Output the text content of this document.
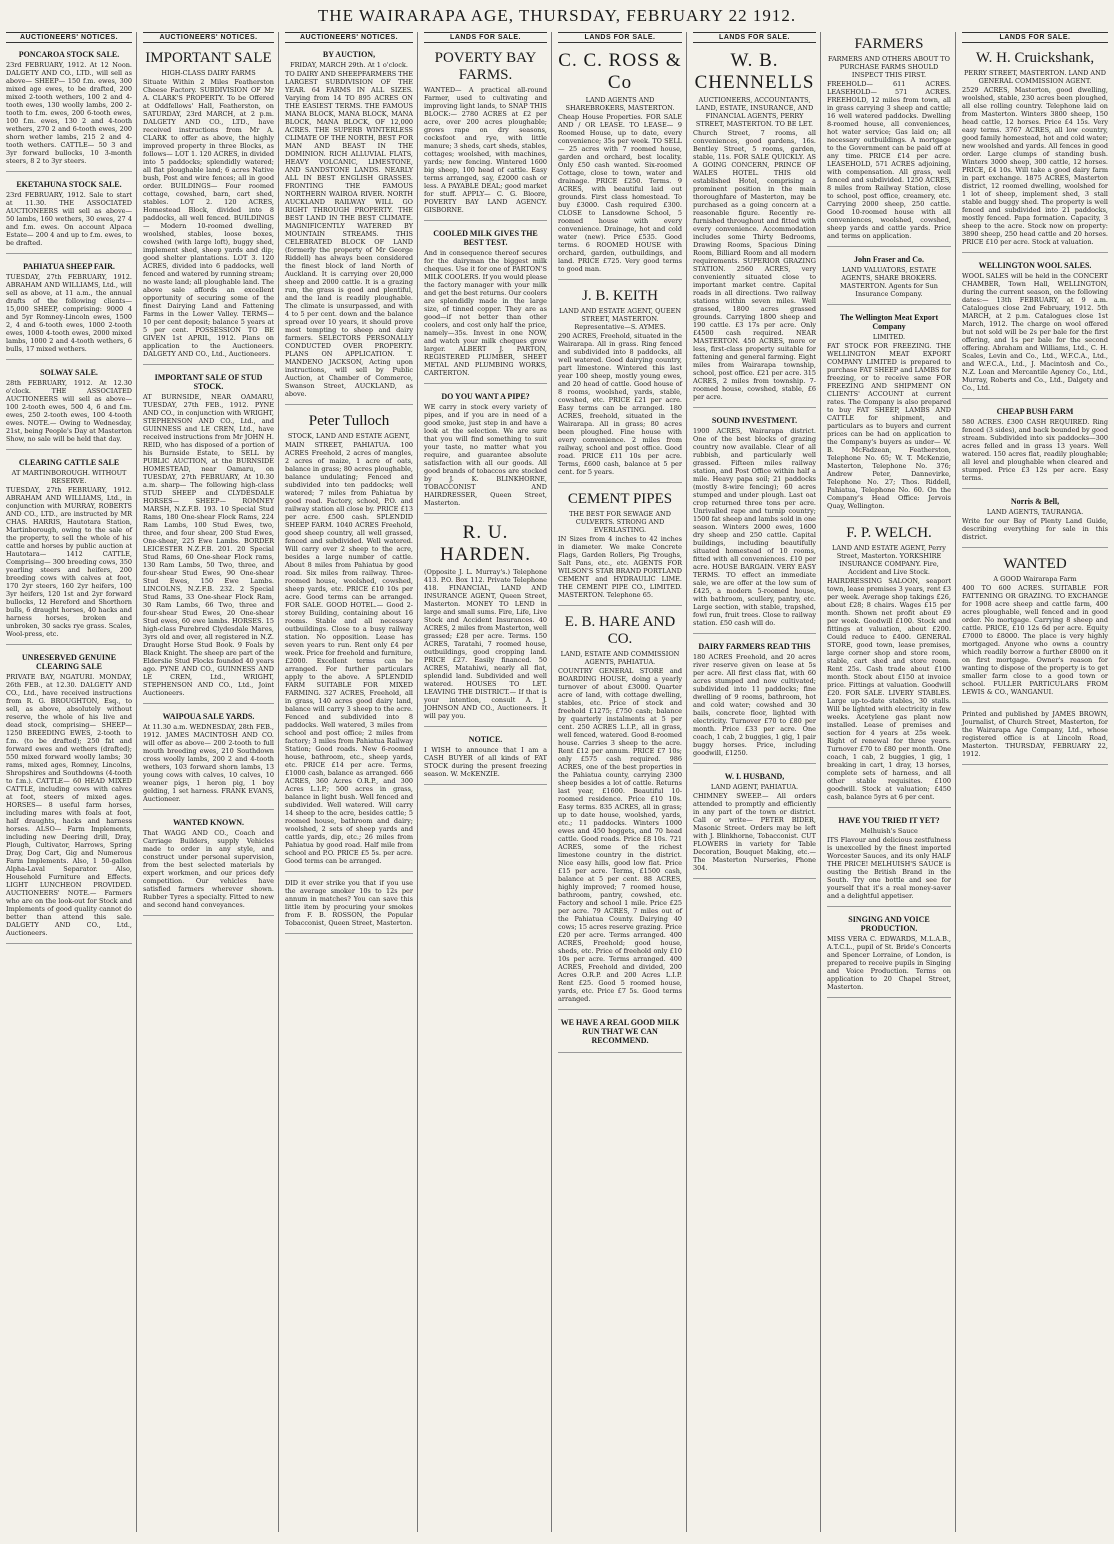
THE WAIRARAPA AGE, THURSDAY, FEBRUARY 22 1912.
AUCTIONEERS' NOTICES.
PONCAROA STOCK SALE.
23rd FEBRUARY, 1912. At 12 Noon. DALGETY AND CO., LTD., will sell as above— SHEEP— 150 f.m. ewes, 300 mixed age ewes, to be drafted, 200 mixed 2-tooth wethers, 100 2 and 4-tooth ewes, 130 woolly lambs, 200 2-tooth to f.m. ewes, 200 6-tooth ewes, 100 f.m. ewes, 130 2 and 4-tooth wethers, 270 2 and 6-tooth ewes, 200 shorn wether lambs, 215 2 and 4-tooth wethers. CATTLE— 50 3 and 3yr forward bullocks, 10 3-month steers, 8 2 to 3yr steers.
EKETAHUNA STOCK SALE.
23rd FEBRUARY, 1912. Sale to start at 11.30. THE ASSOCIATED AUCTIONEERS will sell as above— 50 lambs, 160 wethers, 30 ewes, 27 4 and f.m. ewes. On account Alpaca Estate— 200 4 and up to f.m. ewes, to be drafted.
PAHIATUA SHEEP FAIR.
TUESDAY, 27th FEBRUARY, 1912. ABRAHAM AND WILLIAMS, Ltd., will sell as above, at 11 a.m., the annual drafts of the following clients— 15,000 SHEEP, comprising: 9000 4 and 5yr Romney-Lincoln ewes, 1500 2, 4 and 6-tooth ewes, 1000 2-tooth ewes, 1000 4-tooth ewes, 2000 mixed lambs, 1000 2 and 4-tooth wethers, 6 bulls, 17 mixed wethers.
SOLWAY SALE.
28th FEBRUARY, 1912. At 12.30 o'clock. THE ASSOCIATED AUCTIONEERS will sell as above— 100 2-tooth ewes, 500 4, 6 and f.m. ewes, 250 2-tooth ewes, 100 4-tooth ewes. NOTE.— Owing to Wednesday, 21st, being People's Day at Masterton Show, no sale will be held that day.
CLEARING CATTLE SALE
AT MARTINBOROUGH. WITHOUT RESERVE.
TUESDAY, 27th FEBRUARY, 1912. ABRAHAM AND WILLIAMS, Ltd., in conjunction with MURRAY, ROBERTS AND CO., LTD., are instructed by MR CHAS. HARRIS, Hautotara Station, Martinborough, owing to the sale of the property, to sell the whole of his cattle and horses by public auction at Hautotara— 1412 CATTLE, Comprising— 300 breeding cows, 350 yearling steers and heifers, 200 breeding cows with calves at foot, 170 2yr steers, 160 2yr heifers, 100 3yr heifers, 120 1st and 2yr forward bullocks, 12 Hereford and Shorthorn bulls, 6 draught horses, 40 hacks and harness horses, broken and unbroken, 30 sacks rye grass. Scales, Wool-press, etc.
UNRESERVED GENUINE CLEARING SALE
PRIVATE BAY, NGATURI. MONDAY, 26th FEB., at 12.30. DALGETY AND CO., Ltd., have received instructions from R. G. BROUGHTON, Esq., to sell, as above, absolutely without reserve, the whole of his live and dead stock, comprising— SHEEP— 1250 BREEDING EWES, 2-tooth to f.m. (to be drafted); 250 fat and forward ewes and wethers (drafted); 550 mixed forward woolly lambs; 30 rams, mixed ages, Romney, Lincolns, Shropshires and Southdowns (4-tooth to f.m.). CATTLE— 60 HEAD MIXED CATTLE, including cows with calves at foot, steers of mixed ages. HORSES— 8 useful farm horses, including mares with foals at foot, half draughts, hacks and harness horses. ALSO— Farm Implements, including new Deering drill, Dray, Plough, Cultivator, Harrows, Spring Dray, Dog Cart, Gig and Numerous Farm Implements. Also, 1 50-gallon Alpha-Laval Separator. Also, Household Furniture and Effects. LIGHT LUNCHEON PROVIDED. AUCTIONEERS' NOTE.— Farmers who are on the look-out for Stock and Implements of good quality cannot do better than attend this sale. DALGETY AND CO., Ltd., Auctioneers.
AUCTIONEERS' NOTICES.
IMPORTANT SALE
HIGH-CLASS DAIRY FARMS
Situate Within 2 Miles Featherston Cheese Factory. SUBDIVISION OF Mr A. CLARK'S PROPERTY. To be Offered at Oddfellows' Hall, Featherston, on SATURDAY, 23rd MARCH, at 2 p.m. DALGETY AND CO., LTD., have received instructions from Mr A. CLARK to offer as above, the highly improved property in three Blocks, as follows— LOT 1. 120 ACRES, in divided into 5 paddocks; splendidly watered; all flat ploughable land; 6 acres Native bush, Post and wire fences; all in good order. BUILDINGS— Four roomed cottage, cowshed, barn, cart shed, stables. LOT 2. 120 ACRES, Homestead Block, divided into 8 paddocks, all well fenced. BUILDINGS— Modern 10-roomed dwelling, woolshed, stables, loose boxes, cowshed (with large loft), buggy shed, implement shed, sheep yards and dip; good shelter plantations. LOT 3. 120 ACRES, divided into 6 paddocks, well fenced and watered by running stream; no waste land; all ploughable land. The above sale affords an excellent opportunity of securing some of the finest Dairying Land and Fattening Farms in the Lower Valley. TERMS— 10 per cent deposit; balance 5 years at 5 per cent. POSSESSION TO BE GIVEN 1st APRIL, 1912. Plans on application to the Auctioneers. DALGETY AND CO., Ltd., Auctioneers.
IMPORTANT SALE OF STUD STOCK.
AT BURNSIDE, NEAR OAMARU, TUESDAY, 27th FEB., 1912. PYNE AND CO., in conjunction with WRIGHT, STEPHENSON AND CO., Ltd., and GUINNESS and LE CREN, Ltd., have received instructions from Mr JOHN H. REID, who has disposed of a portion of his Burnside Estate, to SELL by PUBLIC AUCTION, at the BURNSIDE HOMESTEAD, near Oamaru, on TUESDAY, 27th FEBRUARY, At 10.30 a.m. sharp— The following high-class STUD SHEEP and CLYDESDALE HORSES— SHEEP— ROMNEY MARSH, N.Z.F.B. 193. 10 Special Stud Rams, 180 One-shear Flock Rams, 224 Ram Lambs, 100 Stud Ewes, two, three, and four shear, 200 Stud Ewes, One-shear, 225 Ewe Lambs. BORDER LEICESTER N.Z.F.B. 201. 20 Special Stud Rams, 60 One-shear Flock rams, 130 Ram Lambs, 50 Two, three, and four-shear Stud Ewes, 90 One-shear Stud Ewes, 150 Ewe Lambs. LINCOLNS, N.Z.F.B. 232. 2 Special Stud Rams, 33 One-shear Flock Ram, 30 Ram Lambs, 66 Two, three and four-shear Stud Ewes, 20 One-shear Stud ewes, 60 ewe lambs. HORSES. 15 high-class Purebred Clydesdale Mares, 3yrs old and over, all registered in N.Z. Draught Horse Stud Book. 9 Foals by Black Knight. The sheep are part of the Elderslie Stud Flocks founded 40 years ago. PYNE AND CO., GUINNESS AND LE CREN, Ltd., WRIGHT, STEPHENSON AND CO., Ltd., Joint Auctioneers.
WAIPOUA SALE YARDS.
At 11.30 a.m. WEDNESDAY, 28th FEB., 1912. JAMES MACINTOSH AND CO. will offer as above— 200 2-tooth to full mouth breeding ewes, 210 Southdown cross woolly lambs, 200 2 and 4-tooth wethers, 103 forward shorn lambs, 13 young cows with calves, 10 calves, 10 weaner pigs, 1 heron pig, 1 boy gelding, 1 set harness. FRANK EVANS, Auctioneer.
WANTED KNOWN.
That WAGG AND CO., Coach and Carriage Builders, supply Vehicles made to order in any style, and construct under personal supervision, from the best selected materials by expert workmen, and our prices defy competition. Our vehicles have satisfied farmers wherever shown. Rubber Tyres a specialty. Fitted to new and second hand conveyances.
AUCTIONEERS' NOTICES.
BY AUCTION,
FRIDAY, MARCH 29th. At 1 o'clock.
TO DAIRY AND SHEEPFARMERS THE LARGEST SUBDIVISION OF THE YEAR. 64 FARMS IN ALL SIZES. Varying from 14 TO 895 ACRES ON THE EASIEST TERMS. THE FAMOUS MANA BLOCK, MANA BLOCK, MANA BLOCK, MANA BLOCK, OF 12,000 ACRES. THE SUPERB WINTERLESS CLIMATE OF THE NORTH, BEST FOR MAN AND BEAST IN THE DOMINION. RICH ALLUVIAL FLATS, HEAVY VOLCANIC, LIMESTONE, AND SANDSTONE LANDS. NEARLY ALL IN BEST ENGLISH GRASSES. FRONTING THE FAMOUS NORTHERN WAIROA RIVER. NORTH AUCKLAND RAILWAY WILL GO RIGHT THROUGH PROPERTY. THE BEST LAND IN THE BEST CLIMATE. MAGNIFICENTLY WATERED BY MOUNTAIN STREAMS. THIS CELEBRATED BLOCK OF LAND (formerly the property of Mr George Riddell) has always been considered the finest block of land North of Auckland. It is carrying over 20,000 sheep and 2000 cattle. It is a grazing run, the grass is good and plentiful, and the land is readily ploughable. The climate is unsurpassed, and with 4 to 5 per cent. down and the balance spread over 10 years, it should prove most tempting to sheep and dairy farmers. SELECTORS PERSONALLY CONDUCTED OVER PROPERTY. PLANS ON APPLICATION. T. MANDENO JACKSON, Acting upon instructions, will sell by Public Auction, at Chamber of Commerce, Swanson Street, AUCKLAND, as above.
Peter Tulloch
STOCK, LAND AND ESTATE AGENT,
MAIN STREET, PAHIATUA. 100 ACRES Freehold, 2 acres of mangles, 2 acres of maize, 1 acre of oats, balance in grass; 80 acres ploughable, balance undulating; Fenced and subdivided into ten paddocks; well watered; 7 miles from Pahiatua by good road. Factory, school, P.O. and railway station all close by. PRICE £13 per acre. £500 cash. SPLENDID SHEEP FARM. 1040 ACRES Freehold, good sheep country, all well grassed, fenced and subdivided. Well watered. Will carry over 2 sheep to the acre, besides a large number of cattle. About 8 miles from Pahiatua by good road. Six miles from railway. Three-roomed house, woolshed, cowshed, sheep yards, etc. PRICE £10 10s per acre. Good terms can be arranged. FOR SALE. GOOD HOTEL.— Good 2-storey Building, containing about 16 rooms. Stable and all necessary outbuildings. Close to a busy railway station. No opposition. Lease has seven years to run. Rent only £4 per week. Price for freehold and furniture, £2000. Excellent terms can be arranged. For further particulars apply to the above. A SPLENDID FARM SUITABLE FOR MIXED FARMING. 327 ACRES, Freehold, all in grass, 140 acres good dairy land, balance will carry 3 sheep to the acre. Fenced and subdivided into 8 paddocks. Well watered, 3 miles from school and post office; 2 miles from factory; 3 miles from Pahiatua Railway Station; Good roads. New 6-roomed house, bathroom, etc., sheep yards, etc. PRICE £14 per acre. Terms, £1000 cash, balance as arranged. 666 ACRES, 360 Acres O.R.P., and 300 Acres L.I.P.; 500 acres in grass, balance in light bush. Well fenced and subdivided. Well watered. Will carry 14 sheep to the acre, besides cattle; 5 roomed house, bathroom and dairy; woolshed, 2 sets of sheep yards and cattle yards, dip, etc.; 26 miles from Pahiatua by good road. Half mile from school and P.O. PRICE £5 5s. per acre. Good terms can be arranged.
DID it ever strike you that if you use the average smoker 10s to 12s per annum in matches? You can save this little item by procuring your smokes from F. B. ROSSON, the Popular Tobacconist, Queen Street, Masterton.
LANDS FOR SALE.
POVERTY BAY FARMS.
WANTED— A practical all-round Farmer, used to cultivating and improving light lands, to SNAP THIS BLOCK:— 2780 ACRES at £2 per acre, over 200 acres ploughable; grows rape on dry seasons, cocksfoot and rye, with little manure; 3 sheds, cart sheds, stables, cottages; woolshed, with machines, yards; new fencing. Wintered 1600 big sheep, 100 head of cattle. Easy terms arranged, say, £2000 cash or less. A PAYABLE DEAL; good market for stuff. APPLY— C. G. Bloore, POVERTY BAY LAND AGENCY. GISBORNE.
COOLED MILK GIVES THE BEST TEST.
And in consequence thereof secures for the dairyman the biggest milk cheques. Use it for one of PARTON'S MILK COOLERS. If you would please the factory manager with your milk and get the best returns. Our coolers are splendidly made in the large size, of tinned copper. They are as good—if not better than other coolers, and cost only half the price, namely—35s. Invest in one NOW, and watch your milk cheques grow larger. ALBERT J. PARTON, REGISTERED PLUMBER, SHEET METAL AND PLUMBING WORKS, CARTERTON.
DO YOU WANT A PIPE?
WE carry in stock every variety of pipes, and if you are in need of a good smoke, just step in and have a look at the selection. We are sure that you will find something to suit your taste, no matter what you require, and guarantee absolute satisfaction with all our goods. All good brands of tobaccos are stocked by J. K. BLINKHORNE, TOBACCONIST AND HAIRDRESSER, Queen Street, Masterton.
R. U. HARDEN.
(Opposite J. L. Murray's.) Telephone 413. P.O. Box 112. Private Telephone 418. FINANCIAL, LAND AND INSURANCE AGENT, Queen Street, Masterton. MONEY TO LEND in large and small sums. Fire, Life, Live Stock and Accident Insurances. 40 ACRES, 2 miles from Masterton, well grassed; £28 per acre. Terms. 150 ACRES, Taratahi, 7 roomed house, outbuildings, good cropping land. PRICE £27. Easily financed. 50 ACRES, Matahiwi, nearly all flat, splendid land. Subdivided and well watered. HOUSES TO LET. LEAVING THE DISTRICT.— If that is your intention, consult A. J. JOHNSON AND CO., Auctioneers. It will pay you.
NOTICE.
I WISH to announce that I am a CASH BUYER of all kinds of FAT STOCK during the present freezing season. W. McKENZIE.
LANDS FOR SALE.
C. C. ROSS & Co
LAND AGENTS AND SHAREBROKERS, MASTERTON.
Cheap House Properties. FOR SALE AND / OR LEASE. TO LEASE— 9 Roomed House, up to date, every convenience; 35s per week. TO SELL— 25 acres with 7 roomed house, garden and orchard, best locality. Only £50 cash wanted. Six-roomed Cottage, close to town, water and drainage. PRICE £250. Terms. 9 ACRES, with beautiful laid out grounds. First class homestead. To buy £3000. Cash required £300. CLOSE to Lansdowne School, 5 roomed house with every convenience. Drainage, hot and cold water (new). Price £535. Good terms. 6 ROOMED HOUSE with orchard, garden, outbuildings, and land. PRICE £725. Very good terms to good man.
J. B. KEITH
LAND AND ESTATE AGENT, QUEEN STREET, MASTERTON. Representative—S. AYMES.
290 ACRES, Freehold, situated in the Wairarapa. All in grass. Ring fenced and subdivided into 8 paddocks, all well watered. Good dairying country, part limestone. Wintered this last year 100 sheep, mostly young ewes, and 20 head of cattle. Good house of 8 rooms, woolshed, yards, stable, cowshed, etc. PRICE £21 per acre. Easy terms can be arranged. 180 ACRES, freehold, situated in the Wairarapa. All in grass; 80 acres been ploughed. Fine house with every convenience. 2 miles from railway, school and post office. Good road. PRICE £11 10s per acre. Terms, £600 cash, balance at 5 per cent. for 5 years.
CEMENT PIPES
THE BEST FOR SEWAGE AND CULVERTS. STRONG AND EVERLASTING.
IN Sizes from 4 inches to 42 inches in diameter. We make Concrete Flags, Garden Rollers, Pig Troughs, Salt Pans, etc., etc. AGENTS FOR WILSON'S STAR BRAND PORTLAND CEMENT and HYDRAULIC LIME. THE CEMENT PIPE CO., LIMITED. MASTERTON. Telephone 65.
E. B. HARE AND CO.
LAND, ESTATE AND COMMISSION AGENTS, PAHIATUA.
COUNTRY GENERAL STORE and BOARDING HOUSE, doing a yearly turnover of about £3000. Quarter acre of land, with cottage dwelling, stables, etc. Price of stock and freehold £1275; £750 cash; balance by quarterly instalments at 5 per cent. 250 ACRES L.I.P., all in grass, well fenced, watered. Good 8-roomed house. Carries 3 sheep to the acre. Rent £12 per annum. PRICE £7 10s; only £575 cash required. 986 ACRES, one of the best properties in the Pahiatua county, carrying 2300 sheep besides a lot of cattle. Returns last year, £1600. Beautiful 10-roomed residence. Price £10 10s. Easy terms. 835 ACRES, all in grass; up to date house, woolshed, yards, etc.; 11 paddocks. Winters 1000 ewes and 450 hoggets, and 70 head cattle. Good roads. Price £8 10s. 721 ACRES, some of the richest limestone country in the district. Nice easy hills, good low flat. Price £15 per acre. Terms, £1500 cash, balance at 5 per cent. 88 ACRES, highly improved; 7 roomed house, bathroom, pantry, cowshed, etc. Factory and school 1 mile. Price £25 per acre. 79 ACRES, 7 miles out of the Pahiatua County. Dairying 40 cows; 15 acres reserve grazing. Price £20 per acre. Terms arranged. 400 ACRES, Freehold; good house, sheds, etc. Price of freehold only £10 10s per acre. Terms arranged. 400 ACRES, Freehold and divided, 200 Acres O.R.P. and 200 Acres L.I.P. Rent £25. Good 5 roomed house, yards, etc. Price £7 5s. Good terms arranged.
WE HAVE A REAL GOOD MILK RUN THAT WE CAN RECOMMEND.
LANDS FOR SALE.
W. B. CHENNELLS
AUCTIONEERS, ACCOUNTANTS, LAND, ESTATE, INSURANCE, AND FINANCIAL AGENTS, PERRY STREET, MASTERTON. TO BE LET.
Church Street, 7 rooms, all conveniences, good gardens, 16s. Bentley Street, 5 rooms, garden, stable, 11s. FOR SALE QUICKLY. AS A GOING CONCERN, PRINCE OF WALES HOTEL. THIS old established Hotel, comprising a prominent position in the main thoroughfare of Masterton, may be purchased as a going concern at a reasonable figure. Recently re-furnished throughout and fitted with every convenience. Accommodation includes some Thirty Bedrooms, Drawing Rooms, Spacious Dining Room, Billiard Room and all modern requirements. SUPERIOR GRAZING STATION. 2560 ACRES, very conveniently situated close to important market centre. Capital roads in all directions. Two railway stations within seven miles. Well grassed, 1800 acres grassed grounds. Carrying 1800 sheep and 190 cattle. £3 17s per acre. Only £4500 cash required. NEAR MASTERTON. 450 ACRES, more or less, first-class property suitable for fattening and general farming. Eight miles from Wairarapa township, school, post office. £21 per acre. 315 ACRES, 2 miles from township. 7-roomed house, cowshed, stable, £6 per acre.
SOUND INVESTMENT.
1900 ACRES, Wairarapa district. One of the best blocks of grazing country now available. Clear of all rubbish, and particularly well grassed. Fifteen miles railway station, and Post Office within half a mile. Heavy papa soil; 21 paddocks (mostly 8-wire fencing); 60 acres stumped and under plough. Last oat crop returned three tons per acre. Unrivalled rape and turnip country; 1500 fat sheep and lambs sold in one season. Winters 2000 ewes, 1600 dry sheep and 250 cattle. Capital buildings, including beautifully situated homestead of 10 rooms, fitted with all conveniences. £10 per acre. HOUSE BARGAIN. VERY EASY TERMS. TO effect an immediate sale, we are offer at the low sum of £425, a modern 5-roomed house, with bathroom, scullery, pantry, etc. Large section, with stable, trapshed, fowl run, fruit trees. Close to railway station. £50 cash will do.
DAIRY FARMERS READ THIS
180 ACRES Freehold, and 20 acres river reserve given on lease at 5s per acre. All first class flat, with 60 acres stumped and now cultivated; subdivided into 11 paddocks; fine dwelling of 9 rooms, bathroom, hot and cold water; cowshed and 30 bails, concrete floor, lighted with electricity. Turnover £70 to £80 per month. Price £33 per acre. One coach, 1 cab, 2 buggies, 1 gig, 1 pair buggy horses. Price, including goodwill, £1250.
W. I. HUSBAND,
LAND AGENT, PAHIATUA.
CHIMNEY SWEEP.— All orders attended to promptly and efficiently in any part of the town or district. Call or write— PETER BIDER, Masonic Street. Orders may be left with J. Blinkhorne, Tobacconist. CUT FLOWERS in variety for Table Decoration, Bouquet Making, etc.— The Masterton Nurseries, Phone 304.
FARMERS
FARMERS AND OTHERS ABOUT TO PURCHASE FARMS SHOULD INSPECT THIS FIRST.
FREEHOLD— 611 ACRES. LEASEHOLD— 571 ACRES. FREEHOLD, 12 miles from town, all in grass carrying 3 sheep and cattle; 16 well watered paddocks. Dwelling 8-roomed house, all conveniences, hot water service; Gas laid on; all necessary outbuildings. A mortgage to the Government can be paid off at any time. PRICE £14 per acre. LEASEHOLD, 571 ACRES adjoining, with compensation. All grass, well fenced and subdivided. 1250 ACRES, 8 miles from Railway Station, close to school, post office, creamery, etc. Carrying 2000 sheep, 250 cattle. Good 10-roomed house with all conveniences, woolshed, cowshed, sheep yards and cattle yards. Price and terms on application.
John Fraser and Co.
LAND VALUATORS, ESTATE AGENTS, SHARE BROKERS. MASTERTON. Agents for Sun Insurance Company.
The Wellington Meat Export Company
LIMITED.
FAT STOCK FOR FREEZING. THE WELLINGTON MEAT EXPORT COMPANY LIMITED is prepared to purchase FAT SHEEP and LAMBS for freezing, or to receive same FOR FREEZING AND SHIPMENT ON CLIENTS' ACCOUNT at current rates. The Company is also prepared to buy FAT SHEEP, LAMBS AND CATTLE for shipment, and particulars as to buyers and current prices can be had on application to the Company's buyers as under— W. B. McFadzean, Featherston, Telephone No. 65; W. T. McKenzie, Masterton, Telephone No. 376; Andrew Peter, Dannevirke, Telephone No. 27; Thos. Riddell, Pahiatua, Telephone No. 60. On the Company's Head Office: Jervois Quay, Wellington.
F. P. WELCH.
LAND AND ESTATE AGENT, Perry Street, Masterton. YORKSHIRE INSURANCE COMPANY. Fire, Accident and Live Stock.
HAIRDRESSING SALOON, seaport town, lease premises 3 years, rent £3 per week. Average shop takings £26, about £28; 8 chairs. Wages £15 per month. Shown net profit about £9 per week. Goodwill £100. Stock and fittings at valuation, about £200. Could reduce to £400. GENERAL STORE, good town, lease premises, large corner shop and store room, stable, cart shed and store room. Rent 25s. Cash trade about £100 month. Stock about £150 at invoice price. Fittings at valuation. Goodwill £20. FOR SALE. LIVERY STABLES. Large up-to-date stables, 30 stalls. Will be lighted with electricity in few weeks. Acetylene gas plant now installed. Lease of premises and section for 4 years at 25s week. Right of renewal for three years. Turnover £70 to £80 per month. One coach, 1 cab, 2 buggies, 1 gig, 1 breaking in cart, 1 dray, 13 horses, complete sets of harness, and all other stable requisites. £100 goodwill. Stock at valuation; £450 cash, balance 5yrs at 6 per cent.
HAVE YOU TRIED IT YET?
Melhuish's Sauce
ITS Flavour and delicious zestfulness is unexcelled by the finest imported Worcester Sauces, and its only HALF THE PRICE! MELHUISH'S SAUCE is ousting the British Brand in the South. Try one bottle and see for yourself that it's a real money-saver and a delightful appetiser.
SINGING AND VOICE PRODUCTION.
MISS VERA C. EDWARDS, M.L.A.B., A.T.C.L., pupil of St. Bride's Concerts and Spencer Lorraine, of London, is prepared to receive pupils in Singing and Voice Production. Terms on application to 20 Chapel Street, Masterton.
LANDS FOR SALE.
W. H. Cruickshank,
PERRY STREET, MASTERTON. LAND AND GENERAL COMMISSION AGENT.
2529 ACRES, Masterton, good dwelling, woolshed, stable, 230 acres been ploughed, all else rolling country. Telephone laid on from Masterton. Winters 3800 sheep, 150 head cattle, 12 horses. Price £4 15s. Very easy terms. 3767 ACRES, all low country, good family homestead, hot and cold water; new woolshed and yards. All fences in good order. Large clumps of standing bush. Winters 3000 sheep, 300 cattle, 12 horses. PRICE, £4 10s. Will take a good dairy farm in part exchange. 1875 ACRES, Masterton district, 12 roomed dwelling, woolshed for 1 lot of sheep, implement shed, 3 stall stable and buggy shed. The property is well fenced and subdivided into 21 paddocks, mostly fenced. Papa formation. Capacity, 3 sheep to the acre. Stock now on property: 3890 sheep, 250 head cattle and 20 horses. PRICE £10 per acre. Stock at valuation.
WELLINGTON WOOL SALES.
WOOL SALES will be held in the CONCERT CHAMBER, Town Hall, WELLINGTON, during the current season, on the following dates:— 13th FEBRUARY, at 9 a.m. Catalogues close 2nd February, 1912. 5th MARCH, at 2 p.m. Catalogues close 1st March, 1912. The charge on wool offered but not sold will be 2s per bale for the first offering, and 1s per bale for the second offering. Abraham and Williams, Ltd., C. H. Scales, Levin and Co., Ltd., W.F.C.A., Ltd., and W.F.C.A., Ltd., J. Macintosh and Co., N.Z. Loan and Mercantile Agency Co., Ltd., Murray, Roberts and Co., Ltd., Dalgety and Co., Ltd.
CHEAP BUSH FARM
580 ACRES. £300 CASH REQUIRED. Ring fenced (3 sides), and back bounded by good stream. Subdivided into six paddocks—300 acres felled and in grass 13 years. Well watered. 150 acres flat, readily ploughable; all level and ploughable when cleared and stumped. Price £3 12s per acre. Easy terms.
Norris & Bell,
LAND AGENTS, TAURANGA.
Write for our Bay of Plenty Land Guide, describing everything for sale in this district.
WANTED
A GOOD Wairarapa Farm
400 TO 600 ACRES. SUITABLE FOR FATTENING OR GRAZING. TO EXCHANGE for 1908 acre sheep and cattle farm, 400 acres ploughable, well fenced and in good order. No mortgage. Carrying 8 sheep and cattle. PRICE, £10 12s 6d per acre. Equity £7000 to £8000. The place is very highly mortgaged. Anyone who owns a country which readily borrow a further £8000 on it on first mortgage. Owner's reason for wanting to dispose of the property is to get smaller farm close to a good town or school. FULLER PARTICULARS FROM LEWIS & CO., WANGANUI.
Printed and published by JAMES BROWN, Journalist, of Church Street, Masterton, for the Wairarapa Age Company, Ltd., whose registered office is at Lincoln Road, Masterton. THURSDAY, FEBRUARY 22, 1912.
